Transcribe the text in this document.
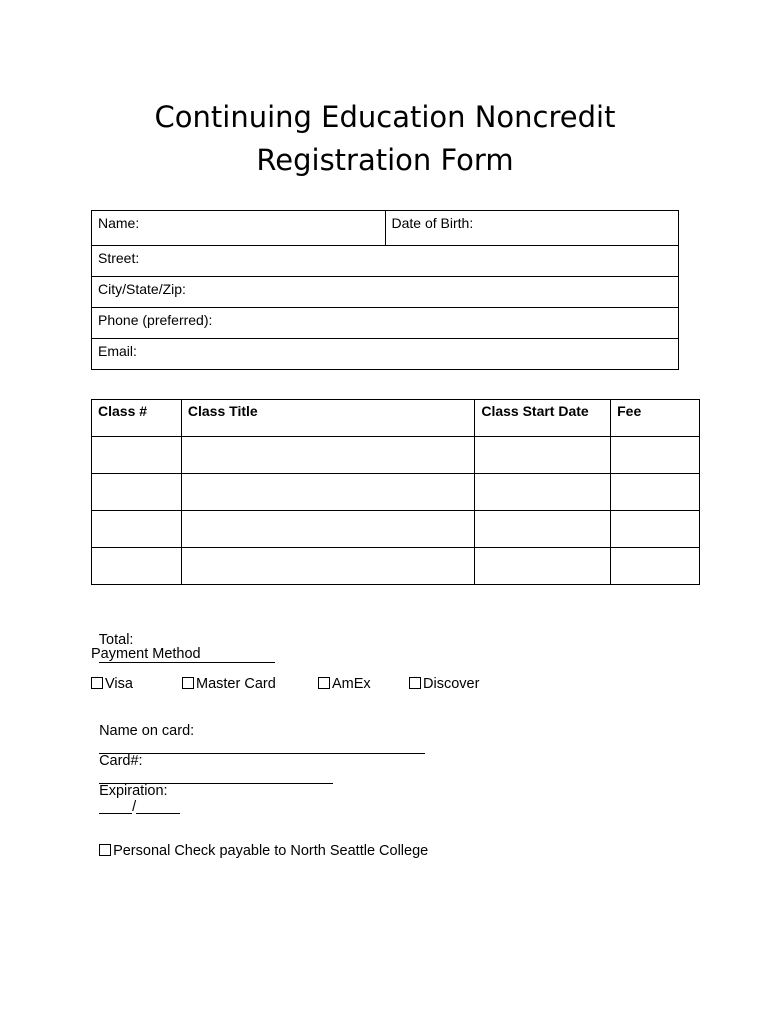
Continuing Education Noncredit
Registration Form
Name:	Date of Birth:
Street:
City/State/Zip:
Phone (preferred):
Email:
Class #	Class Title	Class Start Date	Fee

Total:

Payment Method
Visa	Master Card	AmEx	Discover

Name on card:

Card#:

Expiration:
/

Personal Check payable to North Seattle College
